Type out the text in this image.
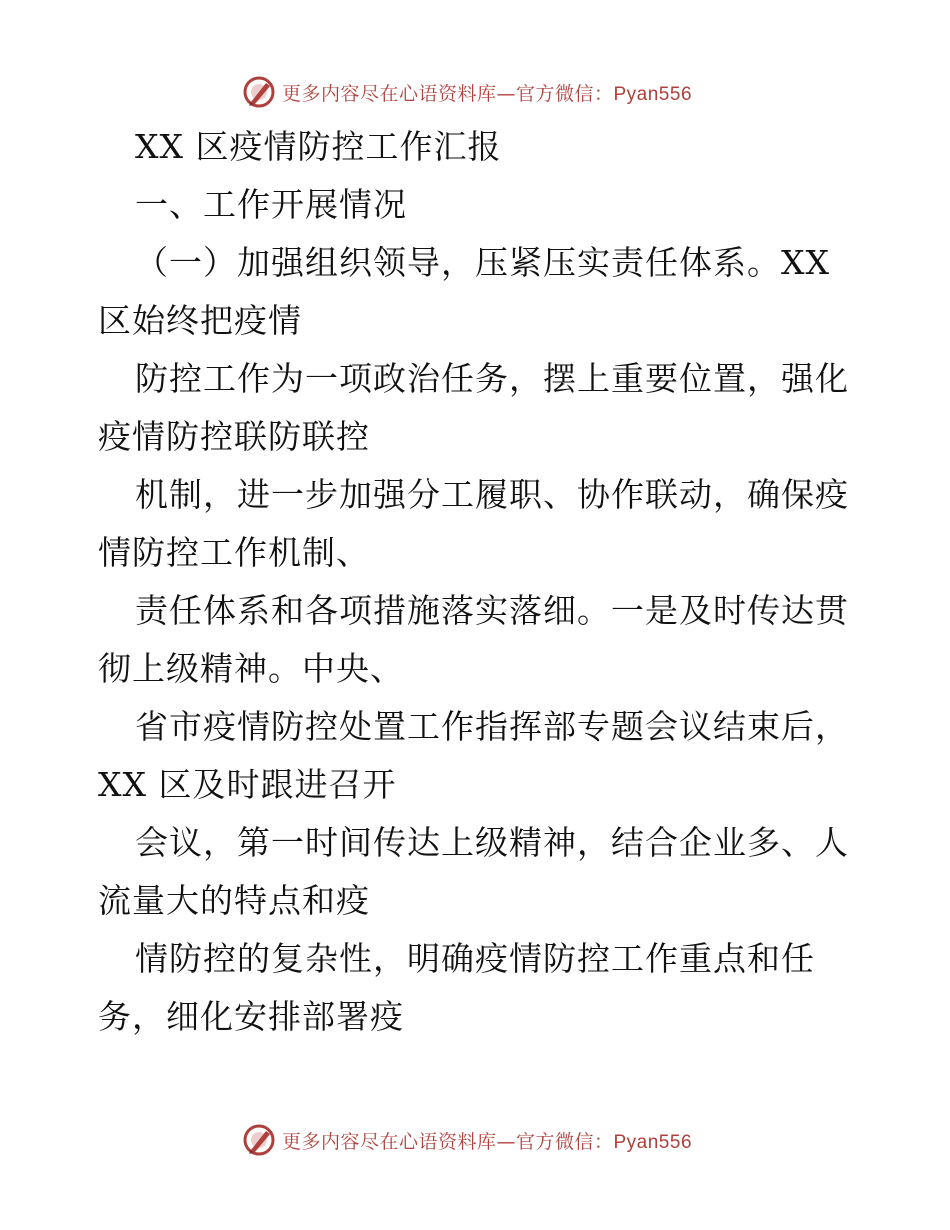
更多内容尽在心语资料库—官方微信：Pyan556
XX 区疫情防控工作汇报
一、工作开展情况
（一）加强组织领导，压紧压实责任体系。XX
区始终把疫情
防控工作为一项政治任务，摆上重要位置，强化
疫情防控联防联控
机制，进一步加强分工履职、协作联动，确保疫
情防控工作机制、
责任体系和各项措施落实落细。一是及时传达贯
彻上级精神。中央、
省市疫情防控处置工作指挥部专题会议结束后，
XX 区及时跟进召开
会议，第一时间传达上级精神，结合企业多、人
流量大的特点和疫
情防控的复杂性，明确疫情防控工作重点和任
务，细化安排部署疫
更多内容尽在心语资料库—官方微信：Pyan556
